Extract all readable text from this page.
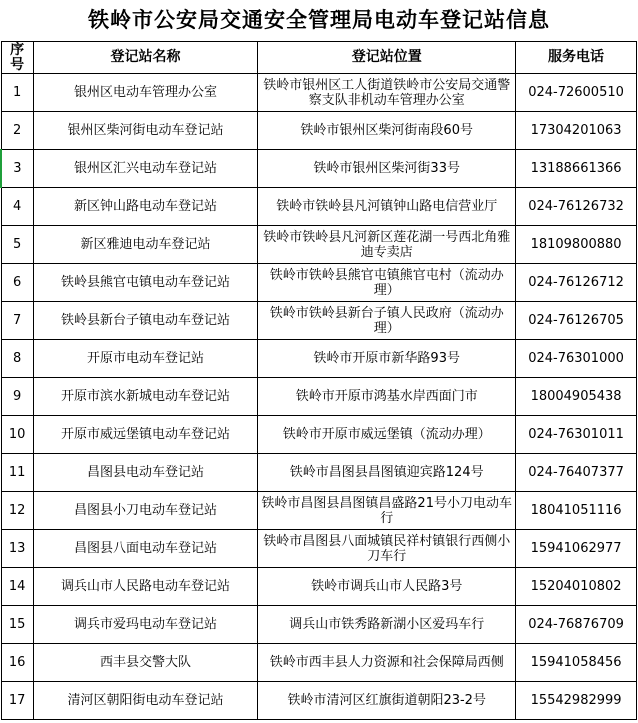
铁岭市公安局交通安全管理局电动车登记站信息
序号	登记站名称	登记站位置	服务电话
1	银州区电动车管理办公室	铁岭市银州区工人街道铁岭市公安局交通警察支队非机动车管理办公室	024-72600510
2	银州区柴河街电动车登记站	铁岭市银州区柴河街南段60号	17304201063
3	银州区汇兴电动车登记站	铁岭市银州区柴河街33号	13188661366
4	新区钟山路电动车登记站	铁岭市铁岭县凡河镇钟山路电信营业厅	024-76126732
5	新区雅迪电动车登记站	铁岭市铁岭县凡河新区莲花湖一号西北角雅迪专卖店	18109800880
6	铁岭县熊官屯镇电动车登记站	铁岭市铁岭县熊官屯镇熊官屯村（流动办理）	024-76126712
7	铁岭县新台子镇电动车登记站	铁岭市铁岭县新台子镇人民政府（流动办理）	024-76126705
8	开原市电动车登记站	铁岭市开原市新华路93号	024-76301000
9	开原市滨水新城电动车登记站	铁岭市开原市鸿基水岸西面门市	18004905438
10	开原市威远堡镇电动车登记站	铁岭市开原市威远堡镇（流动办理）	024-76301011
11	昌图县电动车登记站	铁岭市昌图县昌图镇迎宾路124号	024-76407377
12	昌图县小刀电动车登记站	铁岭市昌图县昌图镇昌盛路21号小刀电动车行	18041051116
13	昌图县八面电动车登记站	铁岭市昌图县八面城镇民祥村镇银行西侧小刀车行	15941062977
14	调兵山市人民路电动车登记站	铁岭市调兵山市人民路3号	15204010802
15	调兵市爱玛电动车登记站	调兵山市铁秀路新湖小区爱玛车行	024-76876709
16	西丰县交警大队	铁岭市西丰县人力资源和社会保障局西侧	15941058456
17	清河区朝阳街电动车登记站	铁岭市清河区红旗街道朝阳23-2号	15542982999
